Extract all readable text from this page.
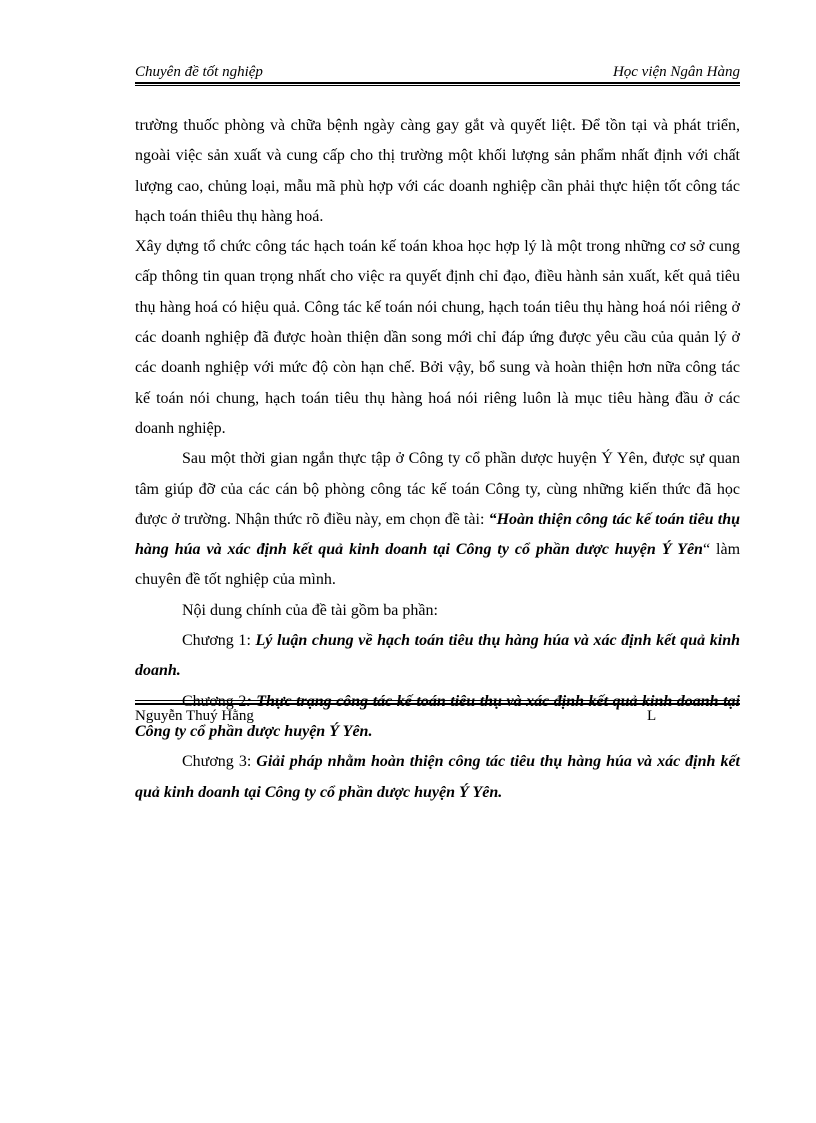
Chuyên đề tốt nghiệp	Học viện Ngân Hàng

trường thuốc phòng và chữa bệnh ngày càng gay gắt và quyết liệt. Để tồn tại và phát triển, ngoài việc sản xuất và cung cấp cho thị trường một khối lượng sản phẩm nhất định với chất lượng cao, chủng loại, mẫu mã phù hợp với các doanh nghiệp cần phải thực hiện tốt công tác hạch toán thiêu thụ hàng hoá.

Xây dựng tổ chức công tác hạch toán kế toán khoa học hợp lý là một trong những cơ sở cung cấp thông tin quan trọng nhất cho việc ra quyết định chỉ đạo, điều hành sản xuất, kết quả tiêu thụ hàng hoá có hiệu quả. Công tác kế toán nói chung, hạch toán tiêu thụ hàng hoá nói riêng ở các doanh nghiệp đã được hoàn thiện dần song mới chỉ đáp ứng được yêu cầu của quản lý ở các doanh nghiệp với mức độ còn hạn chế. Bởi vậy, bổ sung và hoàn thiện hơn nữa công tác kế toán nói chung, hạch toán tiêu thụ hàng hoá nói riêng luôn là mục tiêu hàng đầu ở các doanh nghiệp.

Sau một thời gian ngắn thực tập ở Công ty cổ phần dược huyện Ý Yên, được sự quan tâm giúp đỡ của các cán bộ phòng công tác kế toán Công ty, cùng những kiến thức đã học được ở trường. Nhận thức rõ điều này, em chọn đề tài: “Hoàn thiện công tác kế toán tiêu thụ hàng húa và xác định kết quả kinh doanh tại Công ty cổ phần dược huyện Ý Yên“ làm chuyên đề tốt nghiệp của mình.

Nội dung chính của đề tài gồm ba phần:

Chương 1: Lý luận chung về hạch toán tiêu thụ hàng húa và xác định kết quả kinh doanh.

Chương 2: Thực trạng công tác kế toán tiêu thụ và xác định kết quả kinh doanh tại Công ty cổ phần dược huyện Ý Yên.

Chương 3: Giải pháp nhằm hoàn thiện công tác tiêu thụ hàng húa và xác định kết quả kinh doanh tại Công ty cổ phần dược huyện Ý Yên.

Nguyễn Thuý Hằng	L
